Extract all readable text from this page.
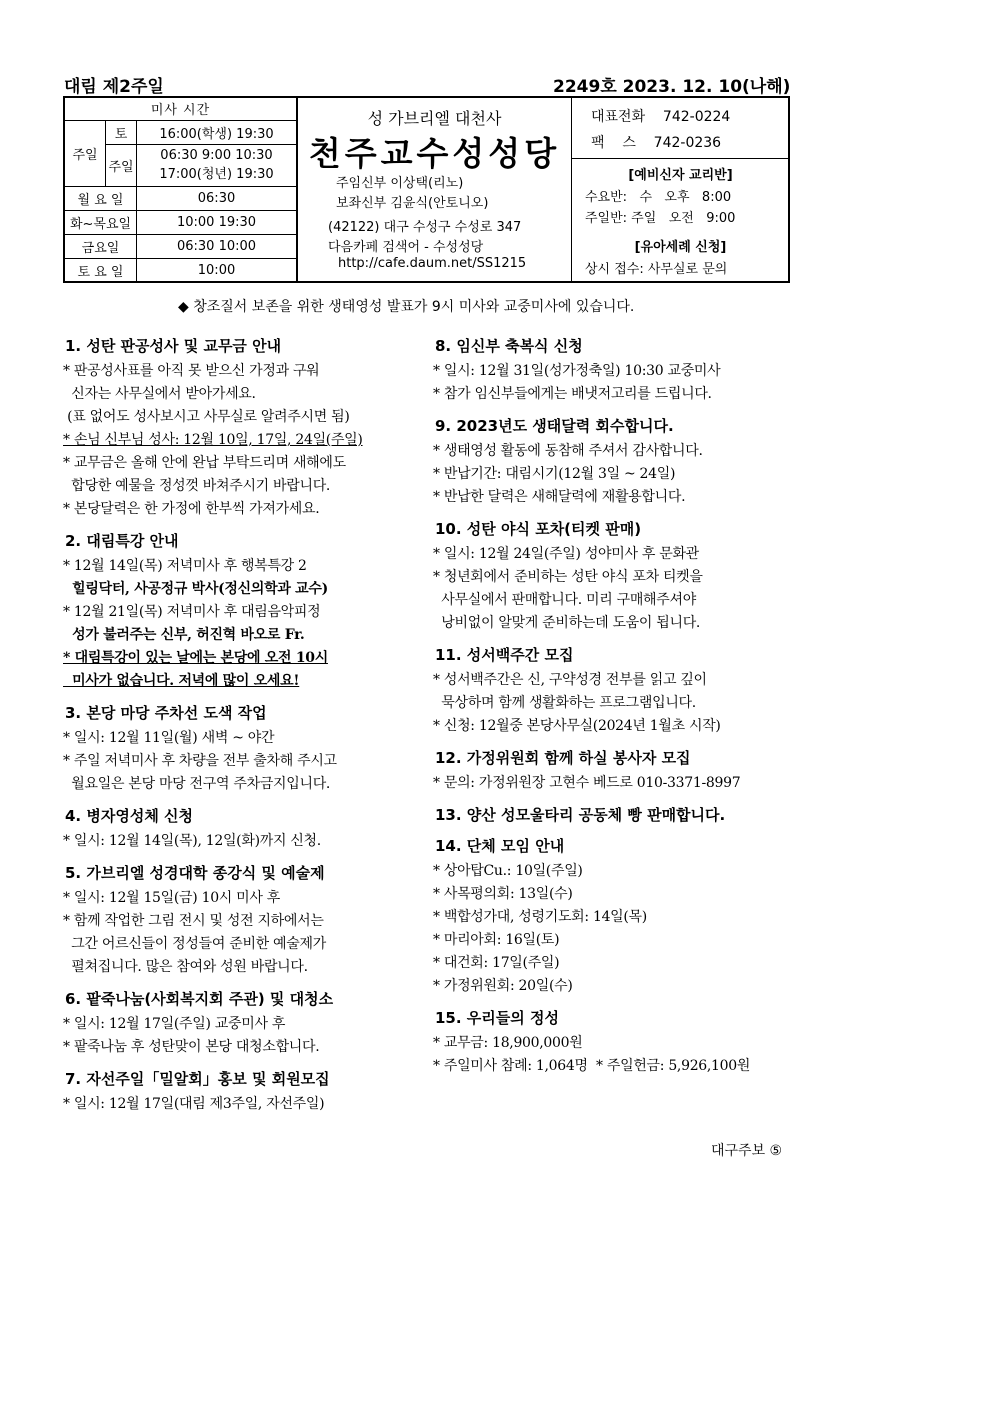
대림 제2주일	2249호 2023. 12. 10(나해)
미사 시간		
주일	토	16:00(학생) 19:30
	주일	06:30 9:00 10:30
17:00(청년) 19:30

월 요 일		06:30
화~목요일		10:00 19:30
금요일		06:30 10:00
토 요 일		10:00
성 가브리엘 대천사
천주교수성성당
주임신부 이상택(리노)
보좌신부 김윤식(안토니오)
(42122) 대구 수성구 수성로 347
다음카페 검색어 - 수성성당
http://cafe.daum.net/SS1215
대표전화 742-0224
팩    스 742-0236
[예비신자 교리반]
수요반:   수   오후   8:00
주일반: 주일   오전   9:00
[유아세례 신청]
상시 접수: 사무실로 문의
◆ 창조질서 보존을 위한 생태영성 발표가 9시 미사와 교중미사에 있습니다.
1. 성탄 판공성사 및 교무금 안내
* 판공성사표를 아직 못 받으신 가정과 구워
신자는 사무실에서 받아가세요.
(표 없어도 성사보시고 사무실로 알려주시면 됨)
* 손님 신부님 성사: 12월 10일, 17일, 24일(주일)
* 교무금은 올해 안에 완납 부탁드리며 새해에도
합당한 예물을 정성껏 바쳐주시기 바랍니다.
* 본당달력은 한 가정에 한부씩 가져가세요.
2. 대림특강 안내
* 12월 14일(목) 저녁미사 후 행복특강 2
힐링닥터, 사공정규 박사(정신의학과 교수)
* 12월 21일(목) 저녁미사 후 대림음악피정
성가 불러주는 신부, 허진혁 바오로 Fr.
* 대림특강이 있는 날에는 본당에 오전 10시
미사가 없습니다. 저녁에 많이 오세요!
3. 본당 마당 주차선 도색 작업
* 일시: 12월 11일(월) 새벽 ~ 야간
* 주일 저녁미사 후 차량을 전부 출차해 주시고
월요일은 본당 마당 전구역 주차금지입니다.
4. 병자영성체 신청
* 일시: 12월 14일(목), 12일(화)까지 신청.
5. 가브리엘 성경대학 종강식 및 예술제
* 일시: 12월 15일(금) 10시 미사 후
* 함께 작업한 그림 전시 및 성전 지하에서는
그간 어르신들이 정성들여 준비한 예술제가
펼쳐집니다. 많은 참여와 성원 바랍니다.
6. 팥죽나눔(사회복지회 주관) 및 대청소
* 일시: 12월 17일(주일) 교중미사 후
* 팥죽나눔 후 성탄맞이 본당 대청소합니다.
7. 자선주일「밀알회」홍보 및 회원모집
* 일시: 12월 17일(대림 제3주일, 자선주일)
8. 임신부 축복식 신청
* 일시: 12월 31일(성가정축일) 10:30 교중미사
* 참가 임신부들에게는 배냇저고리를 드립니다.
9. 2023년도 생태달력 회수합니다.
* 생태영성 활동에 동참해 주셔서 감사합니다.
* 반납기간: 대림시기(12월 3일 ~ 24일)
* 반납한 달력은 새해달력에 재활용합니다.
10. 성탄 야식 포차(티켓 판매)
* 일시: 12월 24일(주일) 성야미사 후 문화관
* 청년회에서 준비하는 성탄 야식 포차 티켓을
사무실에서 판매합니다. 미리 구매해주셔야
낭비없이 알맞게 준비하는데 도움이 됩니다.
11. 성서백주간 모집
* 성서백주간은 신, 구약성경 전부를 읽고 깊이
묵상하며 함께 생활화하는 프로그램입니다.
* 신청: 12월중 본당사무실(2024년 1월초 시작)
12. 가정위원회 함께 하실 봉사자 모집
* 문의: 가정위원장 고현수 베드로 010-3371-8997
13. 양산 성모울타리 공동체 빵 판매합니다.
14. 단체 모임 안내
* 상아탑Cu.: 10일(주일)
* 사목평의회: 13일(수)
* 백합성가대, 성령기도회: 14일(목)
* 마리아회: 16일(토)
* 대건회: 17일(주일)
* 가정위원회: 20일(수)
15. 우리들의 정성
* 교무금: 18,900,000원
* 주일미사 참례: 1,064명  * 주일헌금: 5,926,100원
대구주보 ⑤
